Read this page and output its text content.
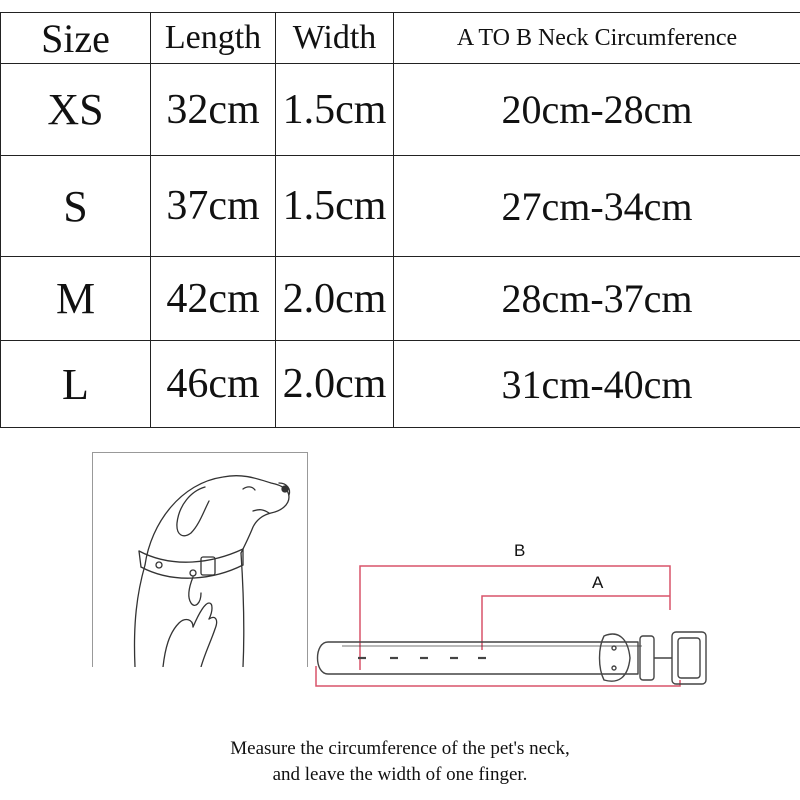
Size	Length	Width	A TO B Neck Circumference
XS	32cm	1.5cm	20cm-28cm
S	37cm	1.5cm	27cm-34cm
M	42cm	2.0cm	28cm-37cm
L	46cm	2.0cm	31cm-40cm
B
A
Measure the circumference of the pet's neck,
and leave the width of one finger.
